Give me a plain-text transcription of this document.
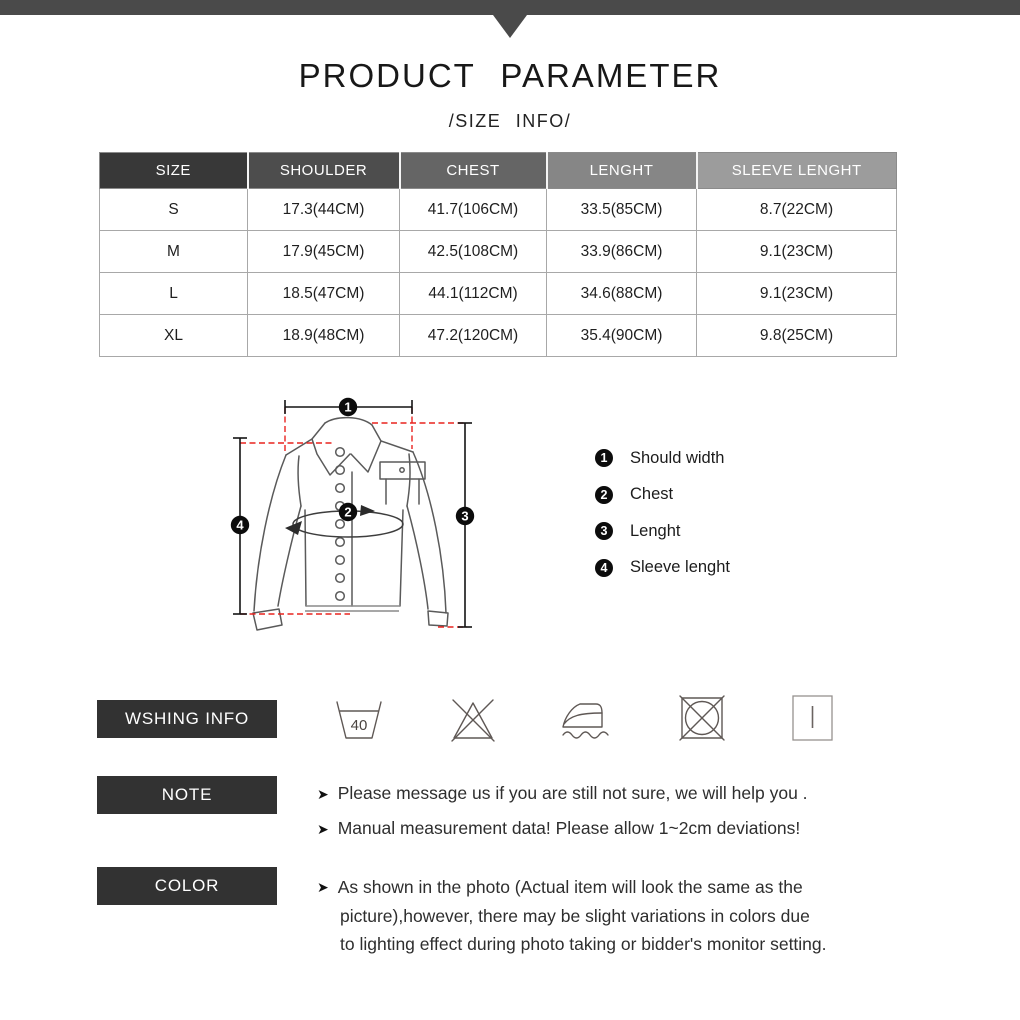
PRODUCT PARAMETER
/SIZE INFO/
SIZE	SHOULDER	CHEST	LENGHT	SLEEVE LENGHT
S	17.3(44CM)	41.7(106CM)	33.5(85CM)	8.7(22CM)
M	17.9(45CM)	42.5(108CM)	33.9(86CM)	9.1(23CM)
L	18.5(47CM)	44.1(112CM)	34.6(88CM)	9.1(23CM)
XL	18.9(48CM)	47.2(120CM)	35.4(90CM)	9.8(25CM)
1
2	3
4
1	Should width
2	Chest
3	Lenght
4	Sleeve lenght
WSHING INFO	40
NOTE	➤ Please message us if you are still not sure, we will help you .
➤ Manual measurement data! Please allow 1~2cm deviations!
COLOR	➤ As shown in the photo (Actual item will look the same as the
picture),however, there may be slight variations in colors due
to lighting effect during photo taking or bidder's monitor setting.
